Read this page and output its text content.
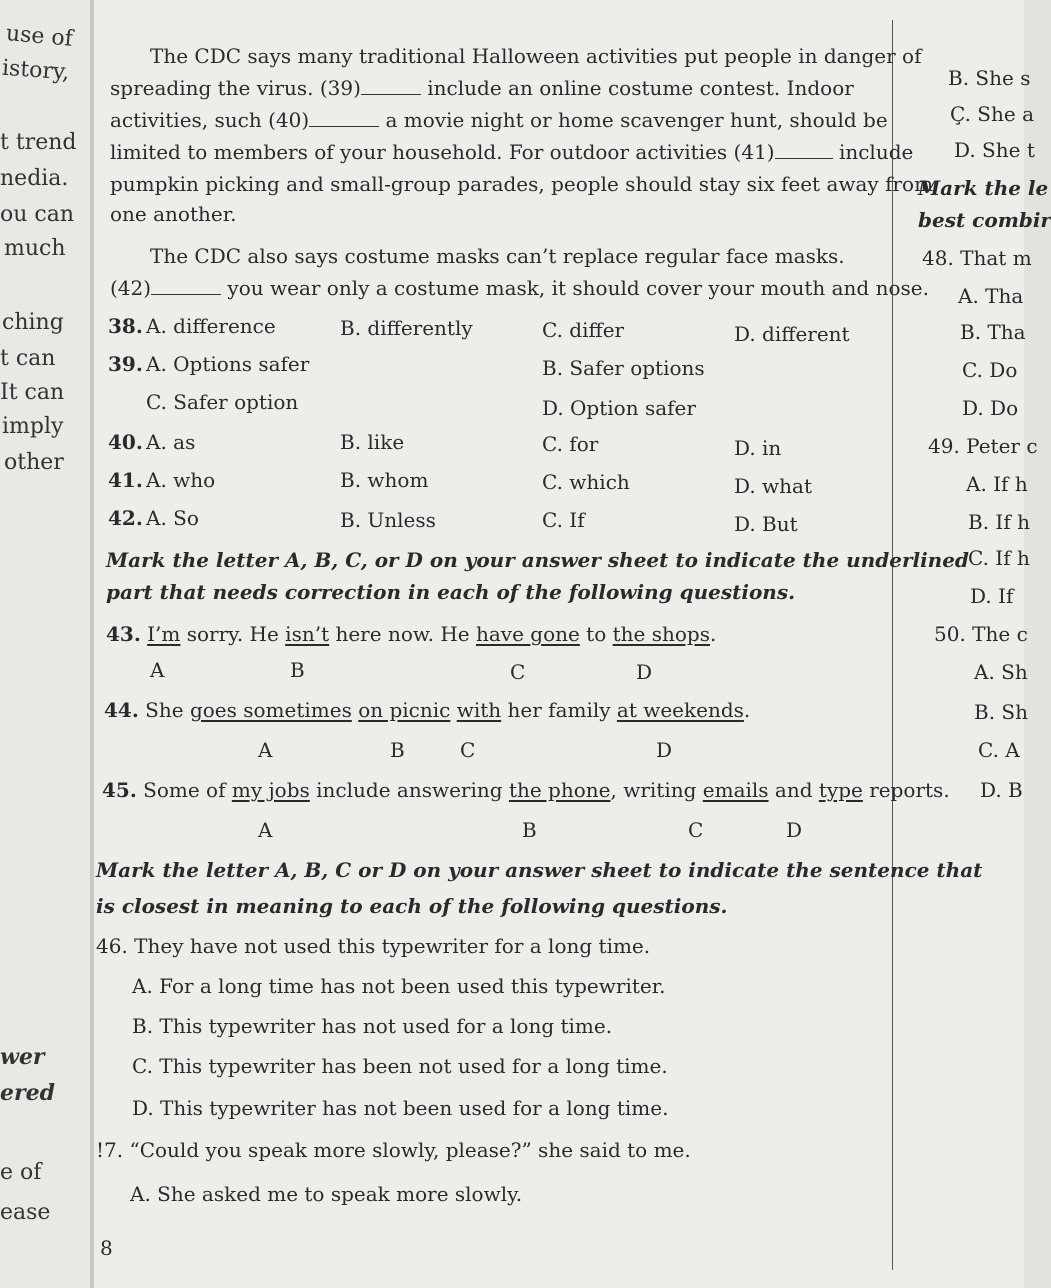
use of
istory,
t trend
nedia.
ou can
much
ching
t can
It can
imply
other
wer
ered
e of
ease
The CDC says many traditional Halloween activities put people in danger of
spreading the virus. (39)	include an online costume contest. Indoor
activities, such (40)	a movie night or home scavenger hunt, should be
limited to members of your household. For outdoor activities (41)	include
pumpkin picking and small-group parades, people should stay six feet away from
one another.
The CDC also says costume masks can’t replace regular face masks.
(42)	you wear only a costume mask, it should cover your mouth and nose.
38. A. difference	B. differently	C. differ	D. different
39. A. Options safer	B. Safer options
C. Safer option	D. Option safer
40. A. as	B. like	C. for	D. in
41. A. who	B. whom	C. which	D. what
42. A. So	B. Unless	C. If	D. But
Mark the letter A, B, C, or D on your answer sheet to indicate the underlined
part that needs correction in each of the following questions.
43. I’m sorry. He isn’t here now. He have gone to the shops.
A	B	C	D
44. She goes sometimes on picnic with her family at weekends.
A	B	C	D
45. Some of my jobs include answering the phone, writing emails and type reports.
A	B	C	D
Mark the letter A, B, C or D on your answer sheet to indicate the sentence that
is closest in meaning to each of the following questions.
46. They have not used this typewriter for a long time.
A. For a long time has not been used this typewriter.
B. This typewriter has not used for a long time.
C. This typewriter has been not used for a long time.
D. This typewriter has not been used for a long time.
!7. “Could you speak more slowly, please?” she said to me.
A. She asked me to speak more slowly.
8
B. She s
Ç. She a
D. She t
Mark the le
best combir
48. That m
A. Tha
B. Tha
C. Do
D. Do
49. Peter c
A. If h
B. If h
C. If h
D. If
50. The c
A. Sh
B. Sh
C. A
D. B
